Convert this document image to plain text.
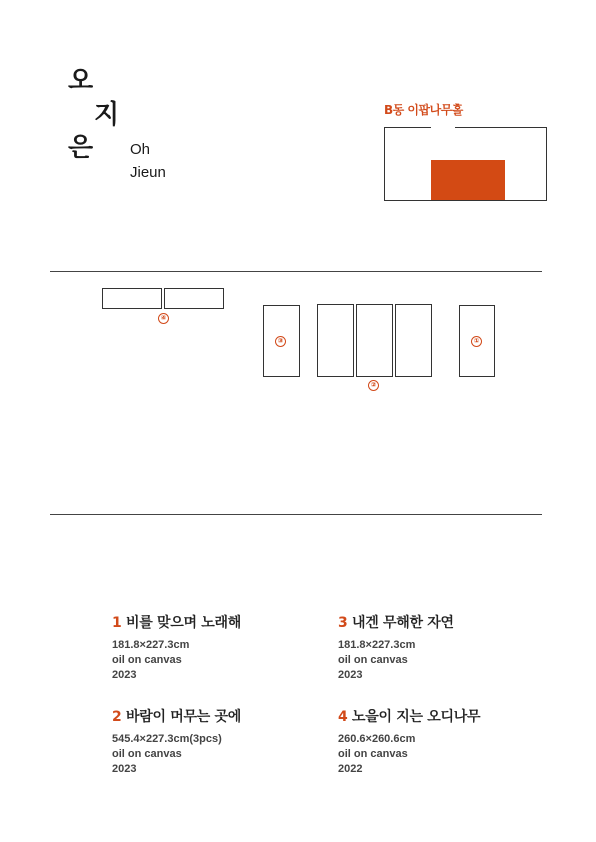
오
지
은 Oh
Jieun
B동 이팝나무홀
④
③
②
①
1 비를 맞으며 노래해
181.8×227.3cm
oil on canvas
2023
3 내겐 무해한 자연
181.8×227.3cm
oil on canvas
2023
2 바람이 머무는 곳에
545.4×227.3cm(3pcs)
oil on canvas
2023
4 노을이 지는 오디나무
260.6×260.6cm
oil on canvas
2022
